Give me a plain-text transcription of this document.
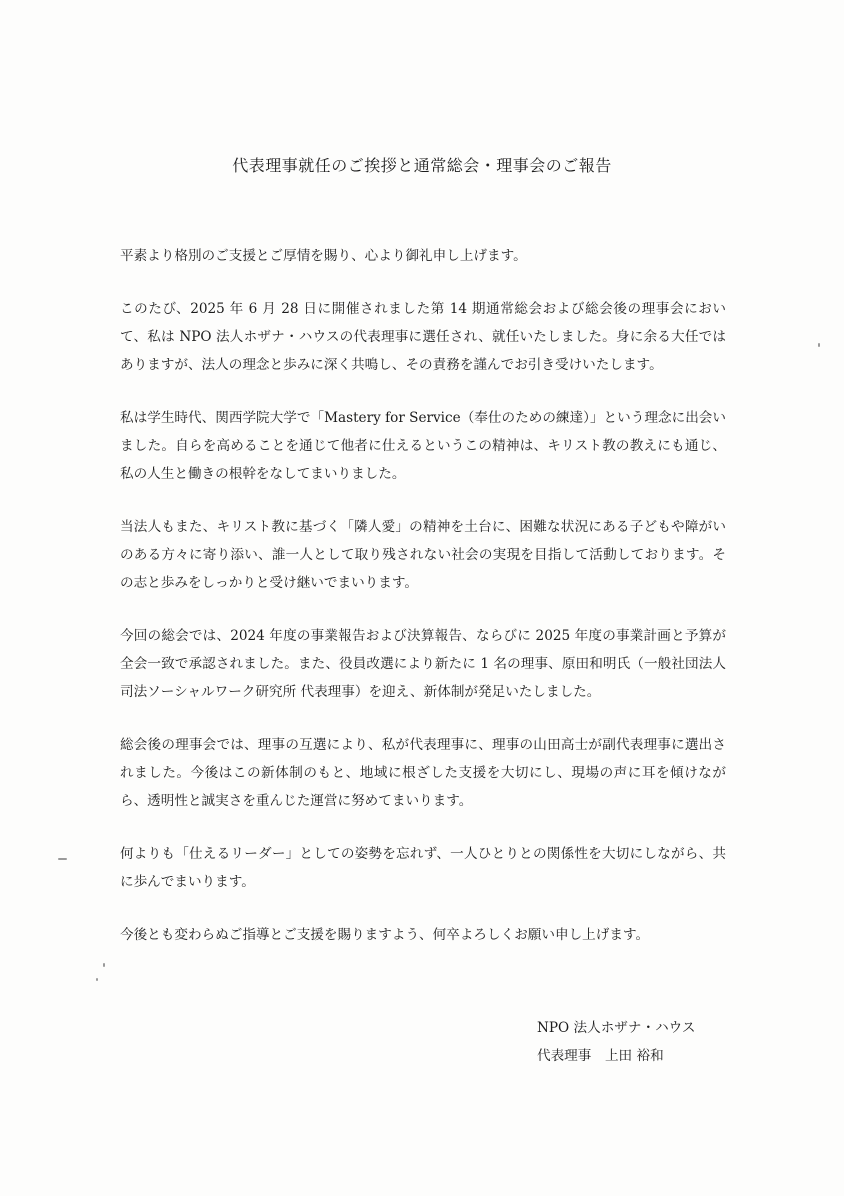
代表理事就任のご挨拶と通常総会・理事会のご報告

平素より格別のご支援とご厚情を賜り、心より御礼申し上げます。

このたび、2025 年 6 月 28 日に開催されました第 14 期通常総会および総会後の理事会において、私は NPO 法人ホザナ・ハウスの代表理事に選任され、就任いたしました。身に余る大任ではありますが、法人の理念と歩みに深く共鳴し、その責務を謹んでお引き受けいたします。

私は学生時代、関西学院大学で「Mastery for Service（奉仕のための練達）」という理念に出会いました。自らを高めることを通じて他者に仕えるというこの精神は、キリスト教の教えにも通じ、私の人生と働きの根幹をなしてまいりました。

当法人もまた、キリスト教に基づく「隣人愛」の精神を土台に、困難な状況にある子どもや障がいのある方々に寄り添い、誰一人として取り残されない社会の実現を目指して活動しております。その志と歩みをしっかりと受け継いでまいります。

今回の総会では、2024 年度の事業報告および決算報告、ならびに 2025 年度の事業計画と予算が全会一致で承認されました。また、役員改選により新たに 1 名の理事、原田和明氏（一般社団法人 司法ソーシャルワーク研究所 代表理事）を迎え、新体制が発足いたしました。

総会後の理事会では、理事の互選により、私が代表理事に、理事の山田高士が副代表理事に選出されました。今後はこの新体制のもと、地域に根ざした支援を大切にし、現場の声に耳を傾けながら、透明性と誠実さを重んじた運営に努めてまいります。

何よりも「仕えるリーダー」としての姿勢を忘れず、一人ひとりとの関係性を大切にしながら、共に歩んでまいります。

今後とも変わらぬご指導とご支援を賜りますよう、何卒よろしくお願い申し上げます。

NPO 法人ホザナ・ハウス
代表理事　上田 裕和
